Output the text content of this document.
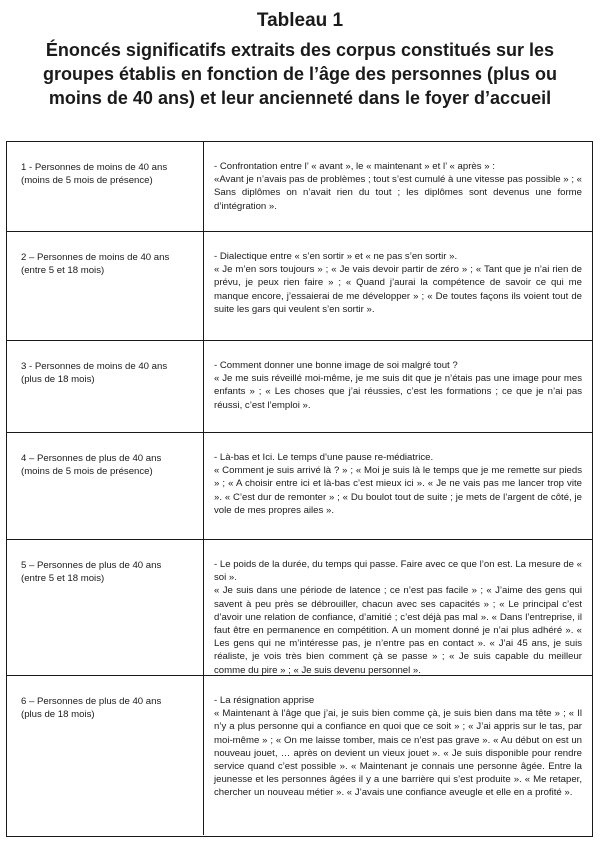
Tableau 1
Énoncés significatifs extraits des corpus constitués sur les groupes établis en fonction de l’âge des personnes (plus ou moins de 40 ans) et leur ancienneté dans le foyer d’accueil
1 - Personnes de moins de 40 ans
(moins de 5 mois de présence)
- Confrontation entre l’ « avant », le « maintenant » et l’ « après » :
«Avant je n’avais pas de problèmes ; tout s’est cumulé à une vitesse pas possible » ; « Sans diplômes on n’avait rien du tout ; les diplômes sont devenus une forme d’intégration ».
2 – Personnes de moins de 40 ans
(entre 5 et 18 mois)
- Dialectique entre « s’en sortir » et « ne pas s’en sortir ».
« Je m’en sors toujours » ; « Je vais devoir partir de zéro » ; « Tant que je n’ai rien de prévu, je peux rien faire » ; « Quand j’aurai la compétence de savoir ce qui me manque encore, j’essaierai de me développer » ; « De toutes façons ils voient tout de suite les gars qui veulent s’en sortir ».
3 - Personnes de moins de 40 ans
(plus de 18 mois)
- Comment donner une bonne image de soi malgré tout ?
« Je me suis réveillé moi-même, je me suis dit que je n’étais pas une image pour mes enfants » ; « Les choses que j’ai réussies, c’est les formations ; ce que je n’ai pas réussi, c’est l’emploi ».
4 – Personnes de plus de 40 ans
(moins de 5 mois de présence)
- Là-bas et Ici. Le temps d’une pause re-médiatrice.
« Comment je suis arrivé là ? » ; « Moi je suis là le temps que je me remette sur pieds » ; « A choisir entre ici et là-bas c’est mieux ici ». « Je ne vais pas me lancer trop vite ». « C’est dur de remonter » ; « Du boulot tout de suite ; je mets de l’argent de côté, je vole de mes propres ailes ».
5 – Personnes de plus de 40 ans
(entre 5 et 18 mois)
- Le poids de la durée, du temps qui passe. Faire avec ce que l’on est. La mesure de « soi ».
« Je suis dans une période de latence ; ce n’est pas facile » ; « J’aime des gens qui savent à peu près se débrouiller, chacun avec ses capacités » ; « Le principal c’est d’avoir une relation de confiance, d’amitié ; c’est déjà pas mal ». « Dans l’entreprise, il faut être en permanence en compétition. A un moment donné je n’ai plus adhéré ». « Les gens qui ne m’intéresse pas, je n’entre pas en contact ». « J’ai 45 ans, je suis réaliste, je vois très bien comment çà se passe » ; « Je suis capable du meilleur comme du pire » ; « Je suis devenu personnel ».
6 – Personnes de plus de 40 ans
(plus de 18 mois)
- La résignation apprise
« Maintenant à l’âge que j’ai, je suis bien comme çà, je suis bien dans ma tête » ; « Il n’y a plus personne qui a confiance en quoi que ce soit » ; « J’ai appris sur le tas, par moi-même » ; « On me laisse tomber, mais ce n’est pas grave ». « Au début on est un nouveau jouet, … après on devient un vieux jouet ». « Je suis disponible pour rendre service quand c’est possible ». « Maintenant je connais une personne âgée. Entre la jeunesse et les personnes âgées il y a une barrière qui s’est produite ». « Me retaper, chercher un nouveau métier ». « J’avais une confiance aveugle et elle en a profité ».
